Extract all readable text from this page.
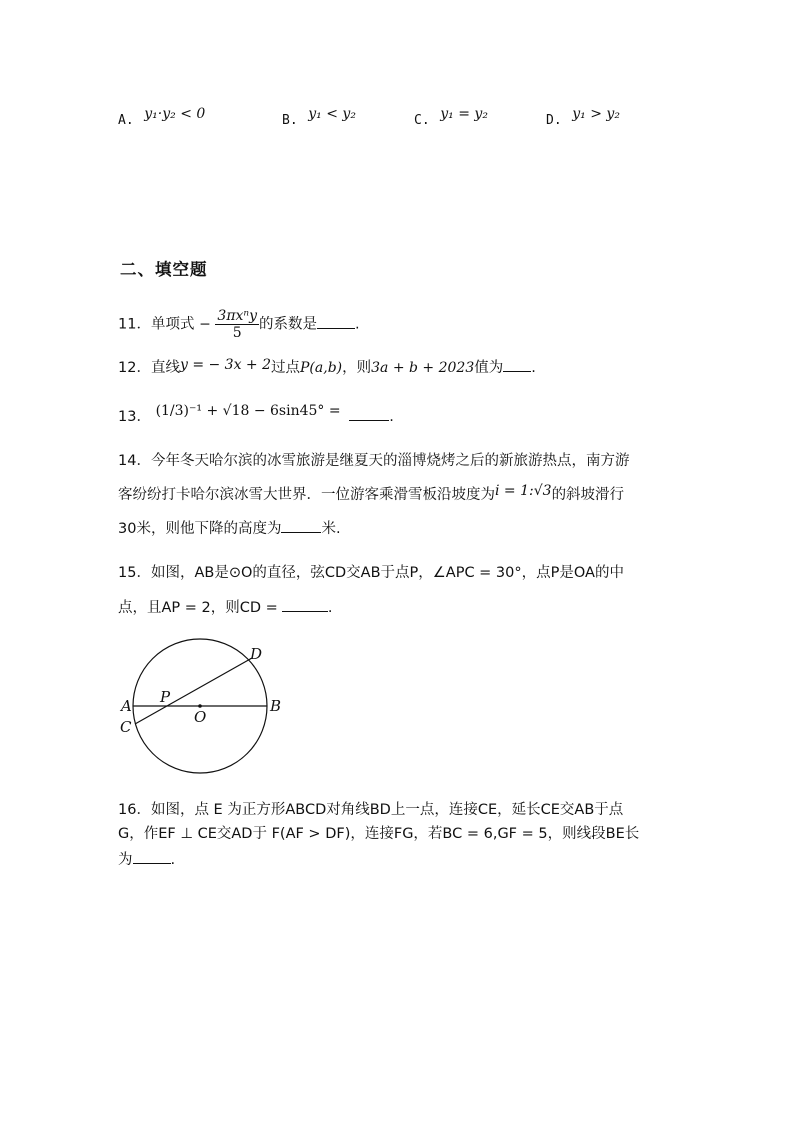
A. y₁·y₂ < 0	B. y₁ < y₂	C. y₁ = y₂	D. y₁ > y₂
二、填空题
11．单项式 − $\frac{\text{3πxⁿy}}{5}$ 的系数是	.
12．直线y = − 3x + 2过点P(a,b)，则3a + b + 2023值为 .
13． (1/3)⁻¹ + √18 − 6sin45° =	.
14．今年冬天哈尔滨的冰雪旅游是继夏天的淄博烧烤之后的新旅游热点，南方游
客纷纷打卡哈尔滨冰雪大世界．一位游客乘滑雪板沿坡度为i = 1:√3的斜坡滑行
30米，则他下降的高度为	米.
15．如图，AB是⊙O的直径，弦CD交AB于点P，∠APC = 30°，点P是OA的中
点，且AP = 2，则CD =	.
A	B
C
D
O
P
16．如图，点 E 为正方形ABCD对角线BD上一点，连接CE，延长CE交AB于点
G，作EF ⊥ CE交AD于 F(AF > DF)，连接FG，若BC = 6,GF = 5，则线段BE长
为	.
